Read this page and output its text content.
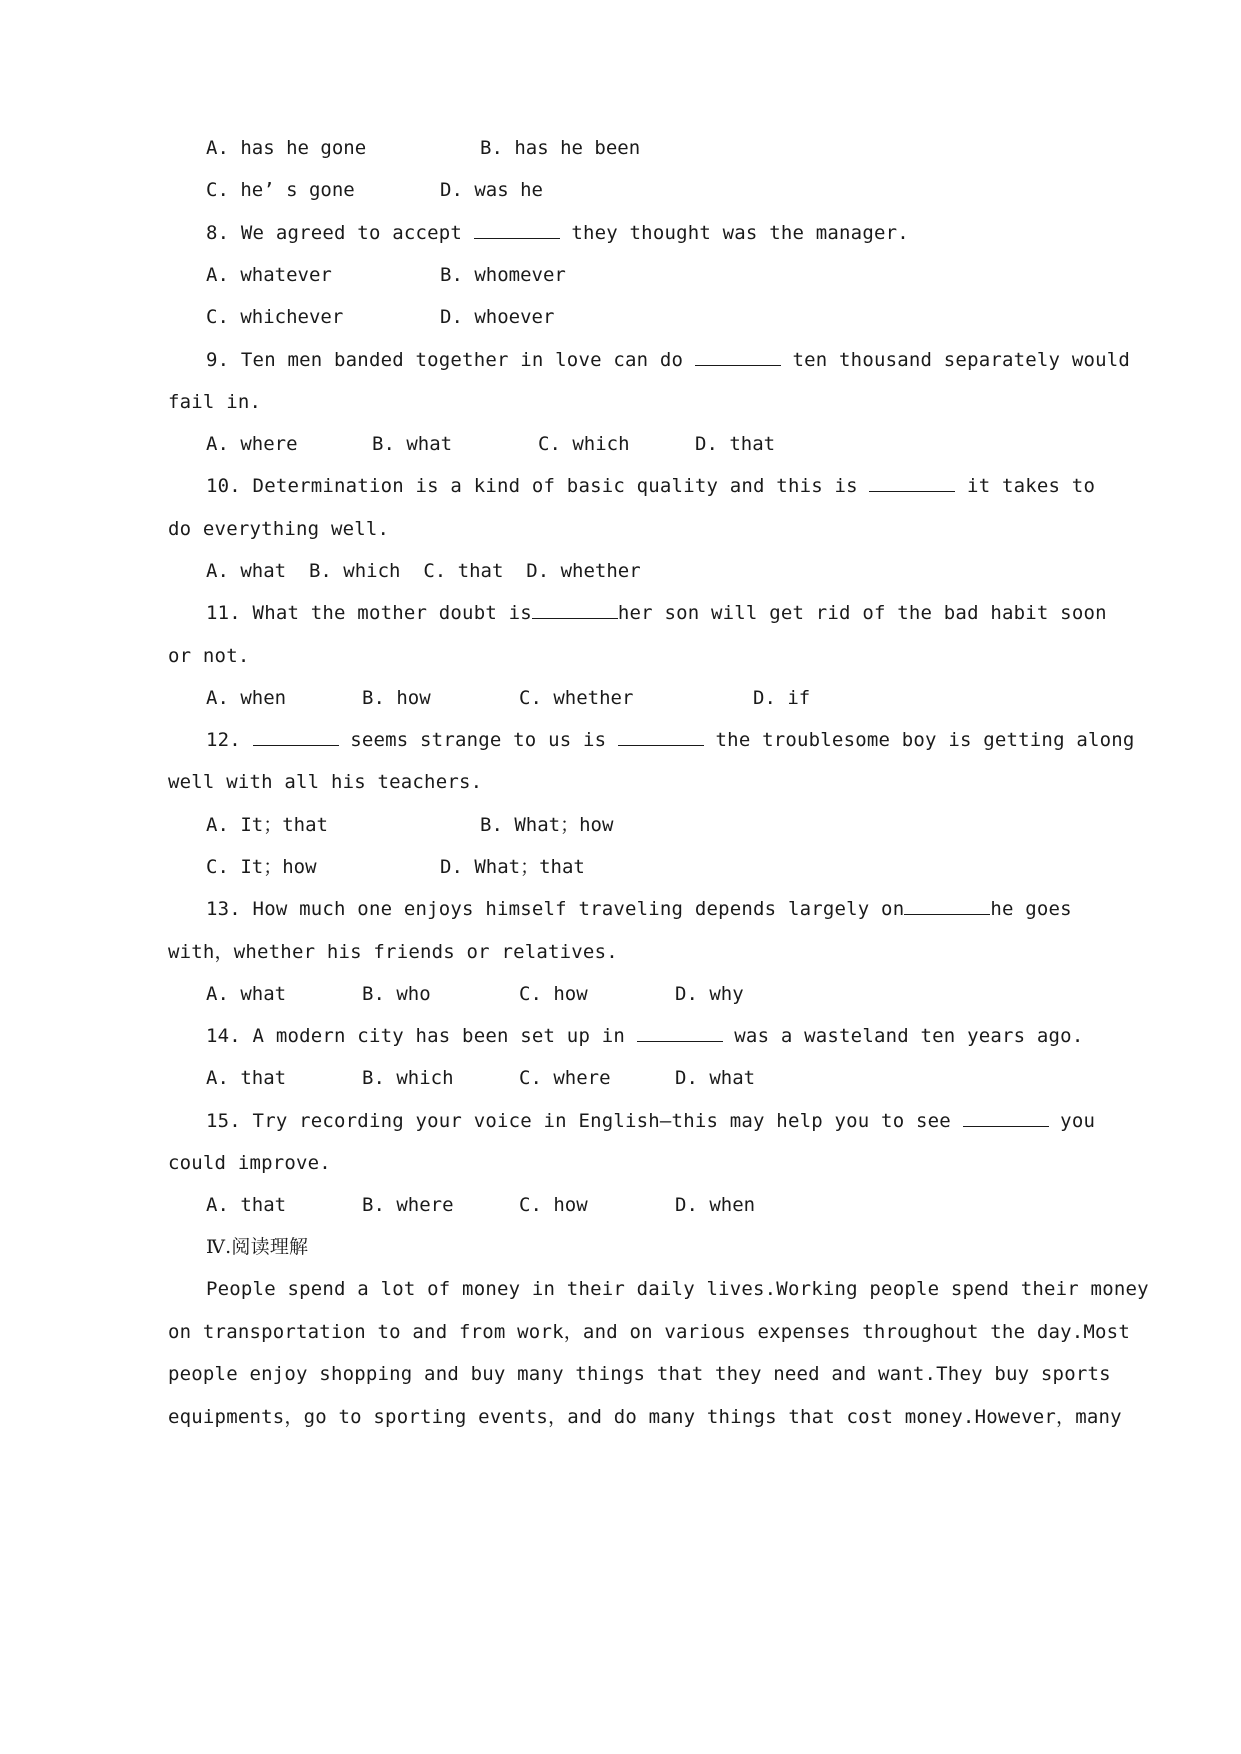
A. has he gone	B. has he been
C. he’ s gone	D. was he
8. We agreed to accept	they thought was the manager.
A. whatever	B. whomever
C. whichever	D. whoever
9. Ten men banded together in love can do	ten thousand separately would
fail in.
A. where	B. what	C. which	D. that
10. Determination is a kind of basic quality and this is	it takes to
do everything well.
A. what  B. which  C. that  D. whether
11. What the mother doubt is	her son will get rid of the bad habit soon
or not.
A. when	B. how	C. whether	D. if
12.	seems strange to us is	the troublesome boy is getting along
well with all his teachers.
A. It；that	B. What；how
C. It；how	D. What；that
13. How much one enjoys himself traveling depends largely on	he goes
with，whether his friends or relatives.
A. what	B. who	C. how	D. why
14. A modern city has been set up in	was a wasteland ten years ago.
A. that	B. which	C. where	D. what
15. Try recording your voice in English—this may help you to see	you
could improve.
A. that	B. where	C. how	D. when
Ⅳ.阅读理解
People spend a lot of money in their daily lives.Working people spend their money
on transportation to and from work，and on various expenses throughout the day.Most
people enjoy shopping and buy many things that they need and want.They buy sports
equipments，go to sporting events，and do many things that cost money.However，many
